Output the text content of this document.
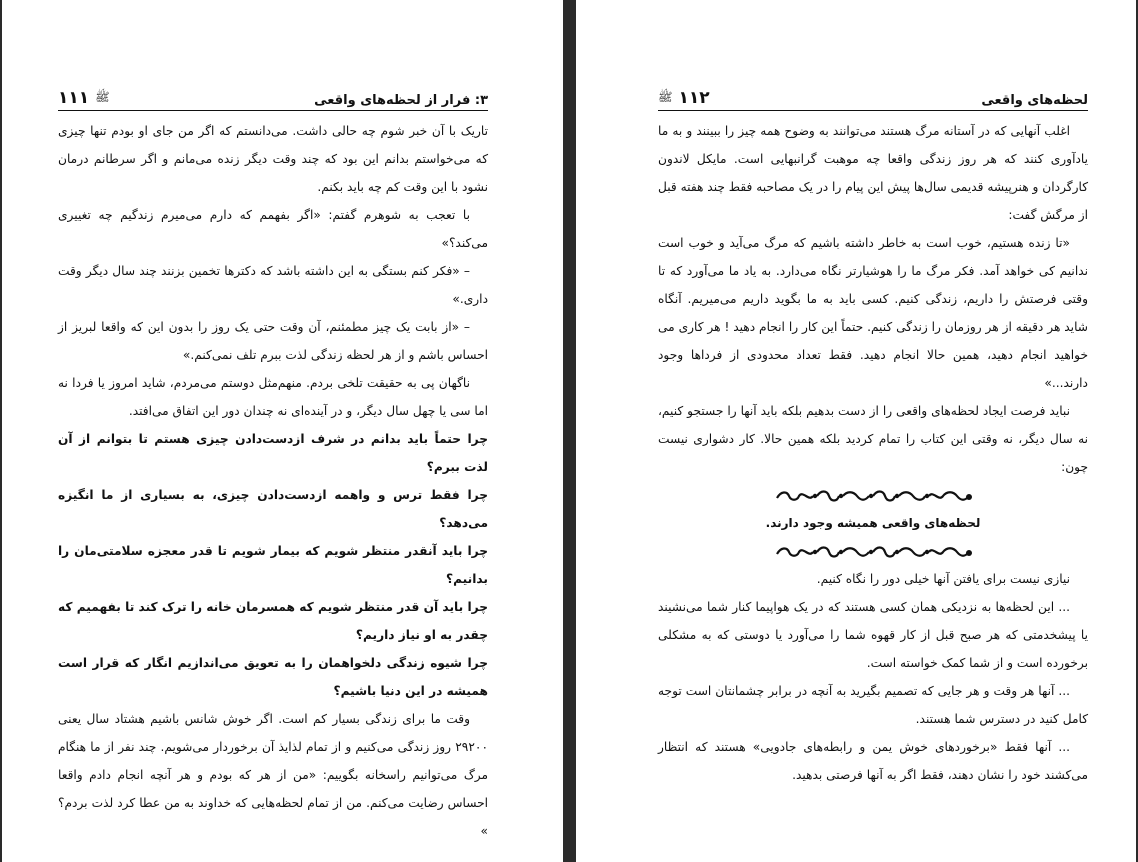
۳: فرار از لحظه‌های واقعی
ﷺ
۱۱۱

تاریک با آن خبر شوم چه حالی داشت. می‌دانستم که اگر من جای او بودم تنها چیزی که می‌خواستم بدانم این بود که چند وقت دیگر زنده می‌مانم و اگر سرطانم درمان نشود با این وقت کم چه باید بکنم.

با تعجب به شوهرم گفتم: «اگر بفهمم که دارم می‌میرم زندگیم چه تغییری می‌کند؟»

– «فکر کنم بستگی به این داشته باشد که دکترها تخمین بزنند چند سال دیگر وقت داری.»

– «از بابت یک چیز مطمئنم، آن وقت حتی یک روز را بدون این که واقعا لبریز از احساس باشم و از هر لحظه زندگی لذت ببرم تلف نمی‌کنم.»

ناگهان پی به حقیقت تلخی بردم. منهم‌مثل دوستم می‌مردم، شاید امروز یا فردا نه اما سی یا چهل سال دیگر، و در آینده‌ای نه چندان دور این اتفاق می‌افتد.

چرا حتماً باید بدانم در شرف ازدست‌دادن چیزی هستم تا بتوانم از آن لذت ببرم؟

چرا فقط ترس و واهمه ازدست‌دادن چیزی، به بسیاری از ما انگیزه می‌دهد؟

چرا باید آنقدر منتظر شویم که بیمار شویم تا قدر معجزه سلامتی‌مان را بدانیم؟

چرا باید آن قدر منتظر شویم که همسرمان خانه را ترک کند تا بفهمیم که چقدر به او نیاز داریم؟

چرا شیوه زندگی دلخواهمان را به تعویق می‌اندازیم انگار که قرار است همیشه در این دنیا باشیم؟

وقت ما برای زندگی بسیار کم است. اگر خوش شانس باشیم هشتاد سال یعنی ۲۹۲۰۰ روز زندگی می‌کنیم و از تمام لذایذ آن برخوردار می‌شویم. چند نفر از ما هنگام مرگ می‌توانیم راسخانه بگوییم: «من از هر که بودم و هر آنچه انجام دادم واقعا احساس رضایت می‌کنم. من از تمام لحظه‌هایی که خداوند به من عطا کرد لذت بردم؟ »

لحظه‌های واقعی
۱۱۲
ﷺ

اغلب آنهایی که در آستانه مرگ هستند می‌توانند به وضوح همه چیز را ببینند و به ما یادآوری کنند که هر روز زندگی واقعا چه موهبت گرانبهایی است. مایکل لاندون کارگردان و هنرپیشه قدیمی سال‌ها پیش این پیام را در یک مصاحبه فقط چند هفته قبل از مرگش گفت:

«تا زنده هستیم، خوب است به خاطر داشته باشیم که مرگ می‌آید و خوب است ندانیم کی خواهد آمد. فکر مرگ ما را هوشیارتر نگاه می‌دارد. به یاد ما می‌آورد که تا وقتی فرصتش را داریم، زندگی کنیم. کسی باید به ما بگوید داریم می‌میریم. آنگاه شاید هر دقیقه از هر روزمان را زندگی کنیم. حتماً این کار را انجام دهید ! هر کاری می خواهید انجام دهید، همین حالا انجام دهید. فقط تعداد محدودی از فرداها وجود دارند...»

نباید فرصت ایجاد لحظه‌های واقعی را از دست بدهیم بلکه باید آنها را جستجو کنیم، نه سال دیگر، نه وقتی این کتاب را تمام کردید بلکه همین حالا. کار دشواری نیست چون:

لحظه‌های واقعی همیشه وجود دارند.

نیازی نیست برای یافتن آنها خیلی دور را نگاه کنیم.

... این لحظه‌ها به نزدیکی همان کسی هستند که در یک هواپیما کنار شما می‌نشیند یا پیشخدمتی که هر صبح قبل از کار قهوه شما را می‌آورد یا دوستی که به مشکلی برخورده است و از شما کمک خواسته است.

... آنها هر وقت و هر جایی که تصمیم بگیرید به آنچه در برابر چشمانتان است توجه کامل کنید در دسترس شما هستند.

... آنها فقط «برخوردهای خوش یمن و رابطه‌های جادویی» هستند که انتظار می‌کشند خود را نشان دهند، فقط اگر به آنها فرصتی بدهید.
